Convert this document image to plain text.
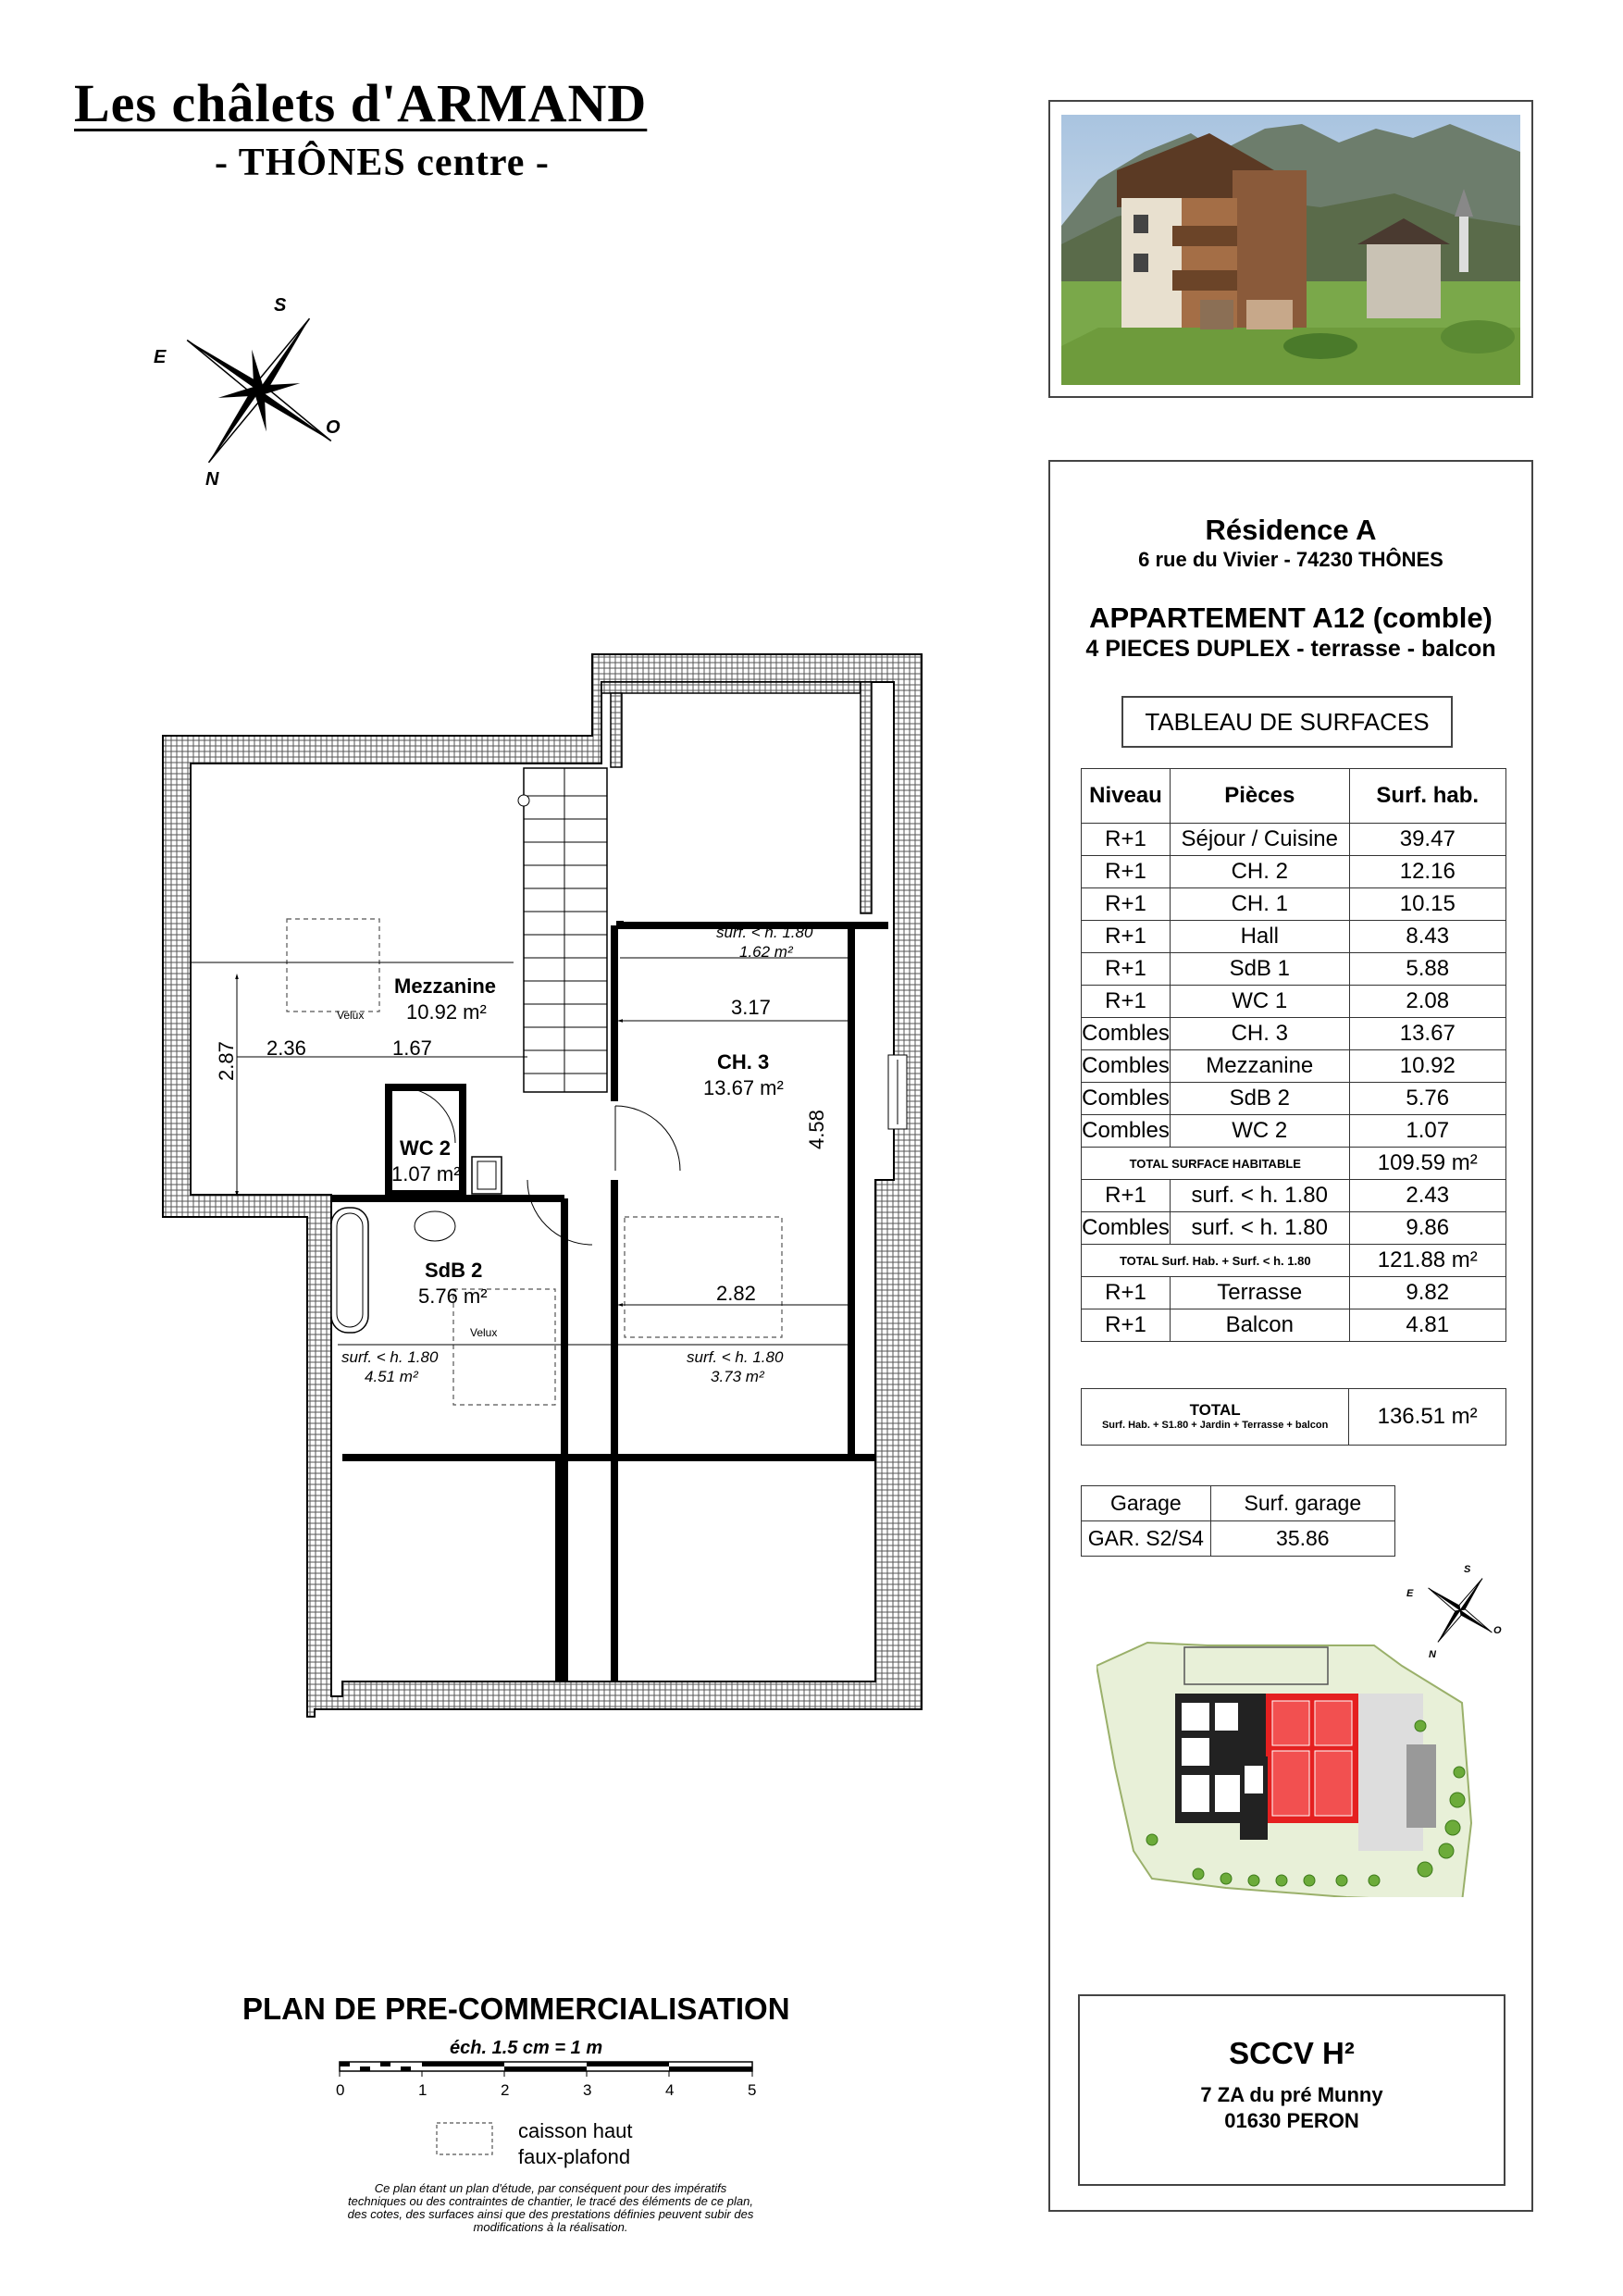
Les châlets d'ARMAND
- THÔNES centre -
S
E
O
N
Résidence A
6 rue du Vivier - 74230 THÔNES
APPARTEMENT A12 (comble)
4 PIECES DUPLEX - terrasse - balcon
TABLEAU DE SURFACES
Niveau	Pièces	Surf. hab.
R+1	Séjour / Cuisine	39.47
R+1	CH. 2	12.16
R+1	CH. 1	10.15
R+1	Hall	8.43
R+1	SdB 1	5.88
R+1	WC 1	2.08
Combles	CH. 3	13.67
Combles	Mezzanine	10.92
Combles	SdB 2	5.76
Combles	WC 2	1.07
TOTAL SURFACE HABITABLE		109.59 m²
R+1	surf. < h. 1.80	2.43
Combles	surf. < h. 1.80	9.86
TOTAL Surf. Hab. + Surf. < h. 1.80		121.88 m²
R+1	Terrasse	9.82
R+1	Balcon	4.81
TOTAL
Surf. Hab. + S1.80 + Jardin + Terrasse + balcon	136.51 m²
Garage	Surf. garage
GAR. S2/S4	35.86
S
E
O
N
SCCV H²
7 ZA du pré Munny
01630 PERON
Mezzanine
10.92 m²
CH. 3
13.67 m²
WC 2
1.07 m²
SdB 2
5.76 m²
2.36	1.67
2.87
3.17
4.58
2.82
surf. < h. 1.80
1.62 m²
surf. < h. 1.80
4.51 m²
surf. < h. 1.80
3.73 m²
Velux
Velux
PLAN DE PRE-COMMERCIALISATION
éch. 1.5 cm = 1 m
0	1	2	3	4	5
caisson haut
faux-plafond
Ce plan étant un plan d'étude, par conséquent pour des impératifs techniques ou des contraintes de chantier, le tracé des éléments de ce plan, des cotes, des surfaces ainsi que des prestations définies peuvent subir des modifications à la réalisation.
